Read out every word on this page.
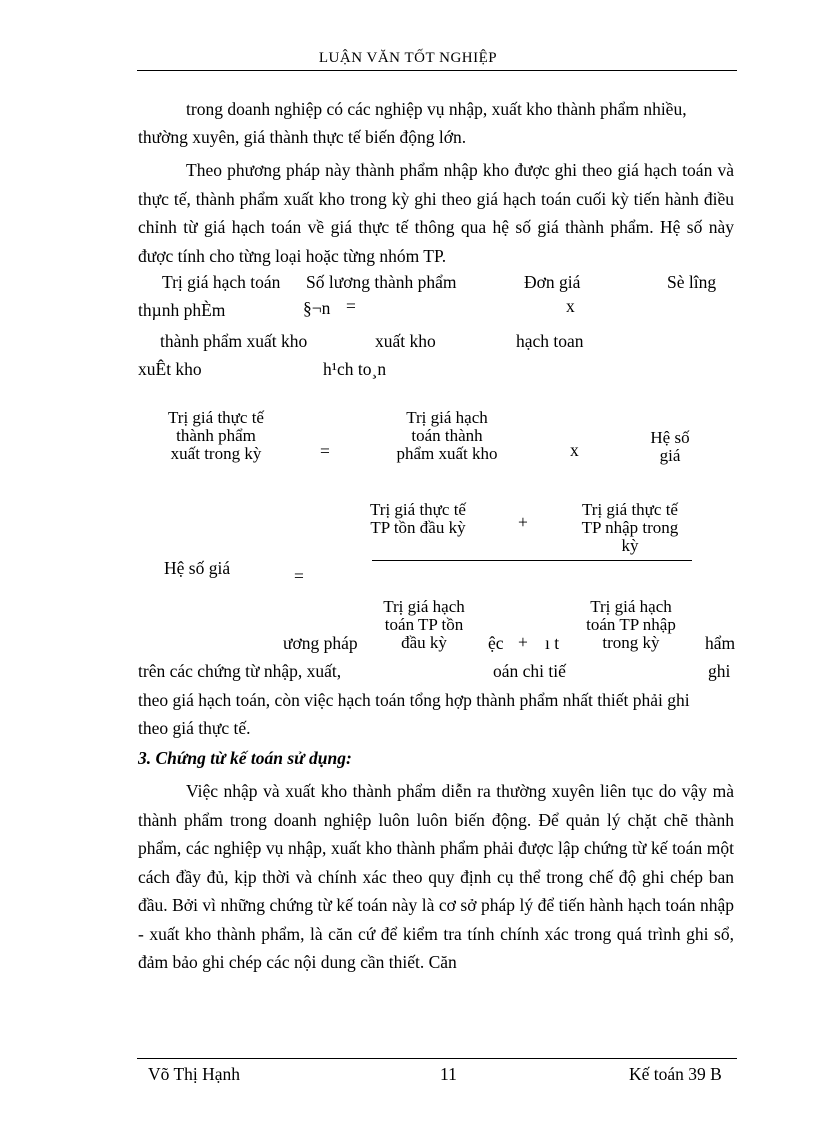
LUẬN VĂN TỐT NGHIỆP
trong doanh nghiệp có các nghiệp vụ nhập, xuất kho thành phẩm nhiều,
thường xuyên, giá thành thực tế biến động lớn.
Theo phương pháp này thành phẩm nhập kho được ghi theo giá hạch toán và thực tế, thành phẩm xuất kho trong kỳ ghi theo giá hạch toán cuối kỳ tiến hành điều chỉnh từ giá hạch toán về giá thực tế thông qua hệ số giá thành phẩm. Hệ số này được tính cho từng loại hoặc từng nhóm TP.
Trị giá hạch toán Số lương thành phẩm	Đơn giá	Sè lîng
thµnh phÈm	§¬n =	x
thành phẩm xuất kho	xuất kho	hạch toan
xuÊt kho	h¹ch to¸n
Trị giá thực tế thành phẩm xuất trong kỳ	=
Trị giá hạch toán thành phẩm xuất kho	x
Hệ số giá
Trị giá thực tế TP tồn đầu kỳ	+
Trị giá thực tế TP nhập trong kỳ
Hệ số giá	=
ương pháp	ệc ı t	hẩm
trên các chứng từ nhập, xuất,	oán chi tiế	ghi
Trị giá hạch toán TP tồn đầu kỳ	+
Trị giá hạch toán TP nhập trong kỳ
theo giá hạch toán, còn việc hạch toán tổng hợp thành phẩm nhất thiết phải ghi
theo giá thực tế.
3. Chứng từ kế toán sử dụng:
Việc nhập và xuất kho thành phẩm diễn ra thường xuyên liên tục do vậy mà thành phẩm trong doanh nghiệp luôn luôn biến động. Để quản lý chặt chẽ thành phẩm, các nghiệp vụ nhập, xuất kho thành phẩm phải được lập chứng từ kế toán một cách đầy đủ, kịp thời và chính xác theo quy định cụ thể trong chế độ ghi chép ban đầu. Bởi vì những chứng từ kế toán này là cơ sở pháp lý để tiến hành hạch toán nhập - xuất kho thành phẩm, là căn cứ để kiểm tra tính chính xác trong quá trình ghi sổ, đảm bảo ghi chép các nội dung cần thiết. Căn
Võ Thị Hạnh	11	Kế toán 39 B
